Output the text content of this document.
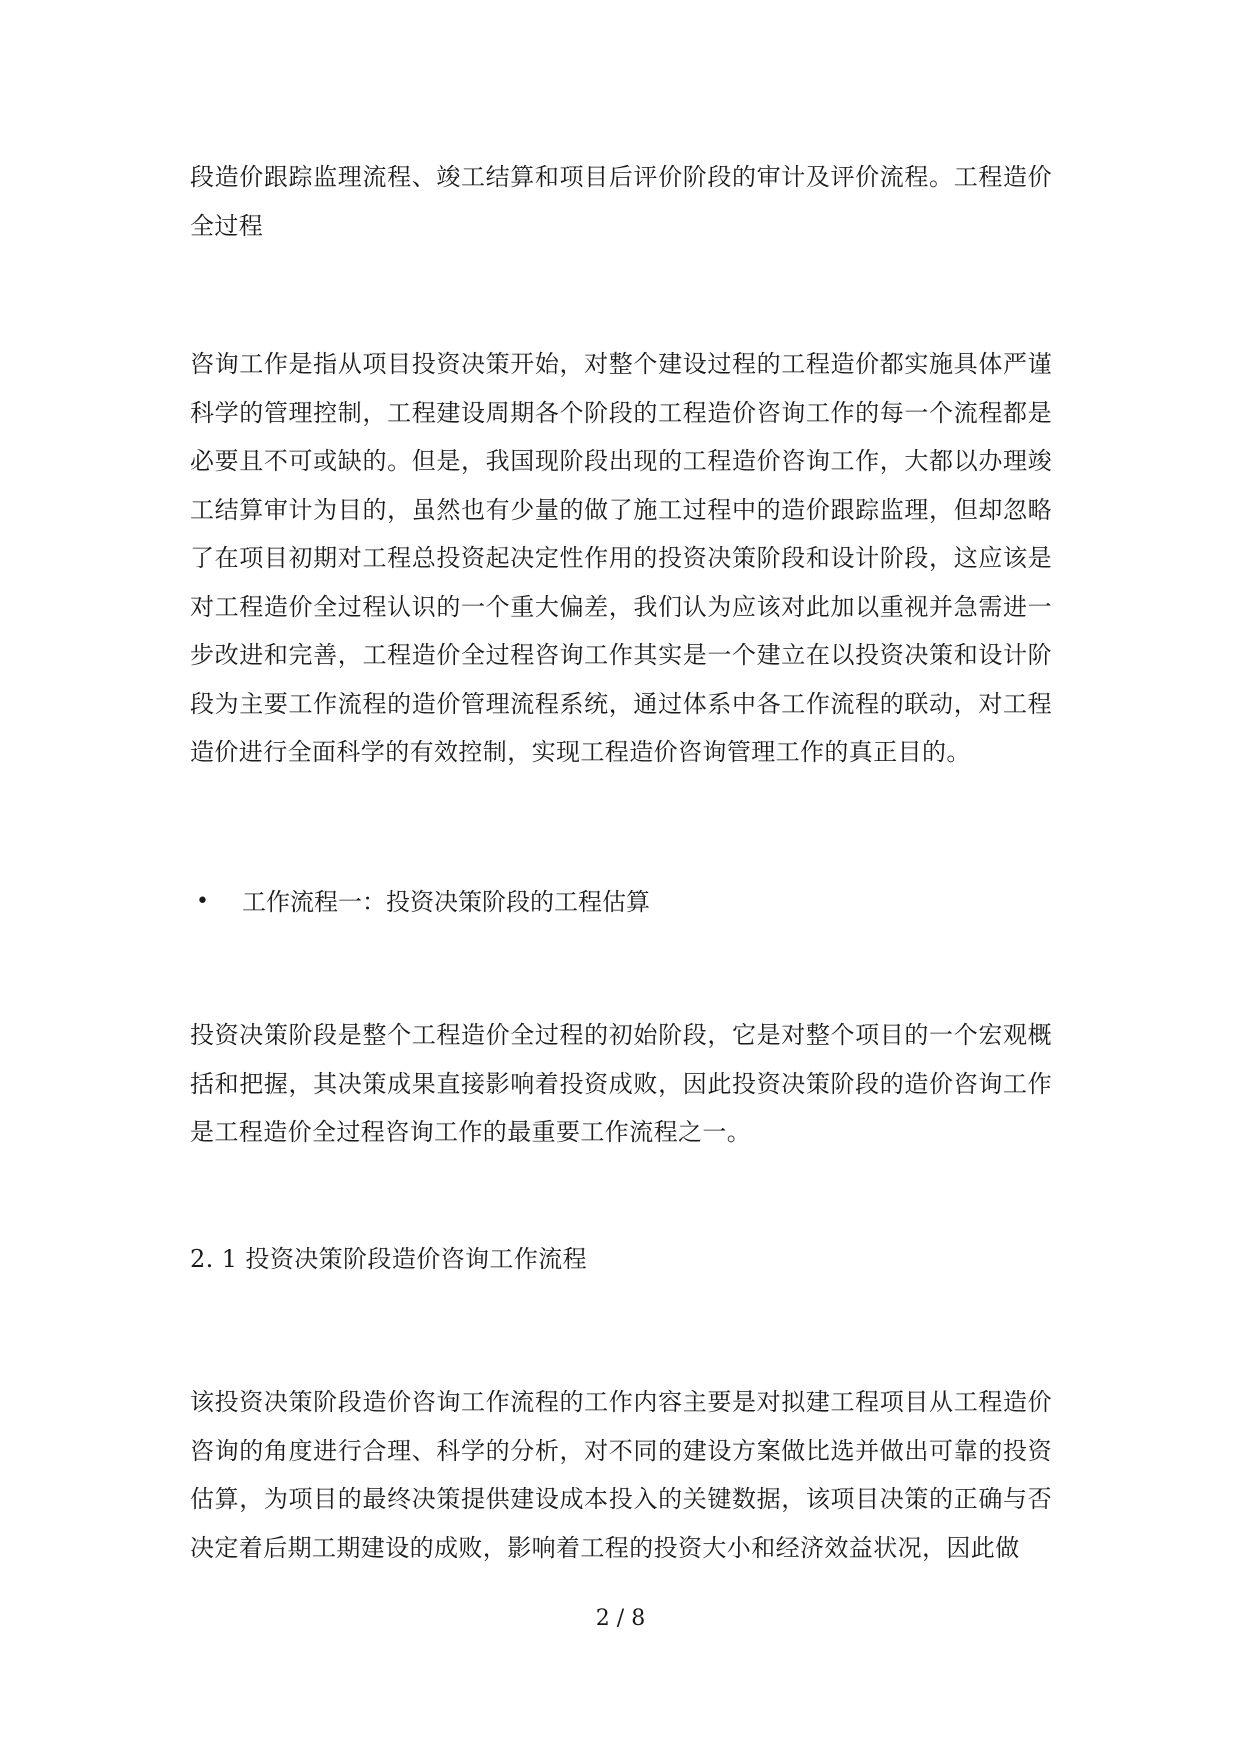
段造价跟踪监理流程、竣工结算和项目后评价阶段的审计及评价流程。工程造价全过程

咨询工作是指从项目投资决策开始，对整个建设过程的工程造价都实施具体严谨科学的管理控制，工程建设周期各个阶段的工程造价咨询工作的每一个流程都是必要且不可或缺的。但是，我国现阶段出现的工程造价咨询工作，大都以办理竣工结算审计为目的，虽然也有少量的做了施工过程中的造价跟踪监理，但却忽略了在项目初期对工程总投资起决定性作用的投资决策阶段和设计阶段，这应该是对工程造价全过程认识的一个重大偏差，我们认为应该对此加以重视并急需进一步改进和完善，工程造价全过程咨询工作其实是一个建立在以投资决策和设计阶段为主要工作流程的造价管理流程系统，通过体系中各工作流程的联动，对工程造价进行全面科学的有效控制，实现工程造价咨询管理工作的真正目的。

•	工作流程一：投资决策阶段的工程估算

投资决策阶段是整个工程造价全过程的初始阶段，它是对整个项目的一个宏观概括和把握，其决策成果直接影响着投资成败，因此投资决策阶段的造价咨询工作是工程造价全过程咨询工作的最重要工作流程之一。

2. 1 投资决策阶段造价咨询工作流程

该投资决策阶段造价咨询工作流程的工作内容主要是对拟建工程项目从工程造价咨询的角度进行合理、科学的分析，对不同的建设方案做比选并做出可靠的投资估算，为项目的最终决策提供建设成本投入的关键数据，该项目决策的正确与否决定着后期工期建设的成败，影响着工程的投资大小和经济效益状况，因此做

2 / 8
